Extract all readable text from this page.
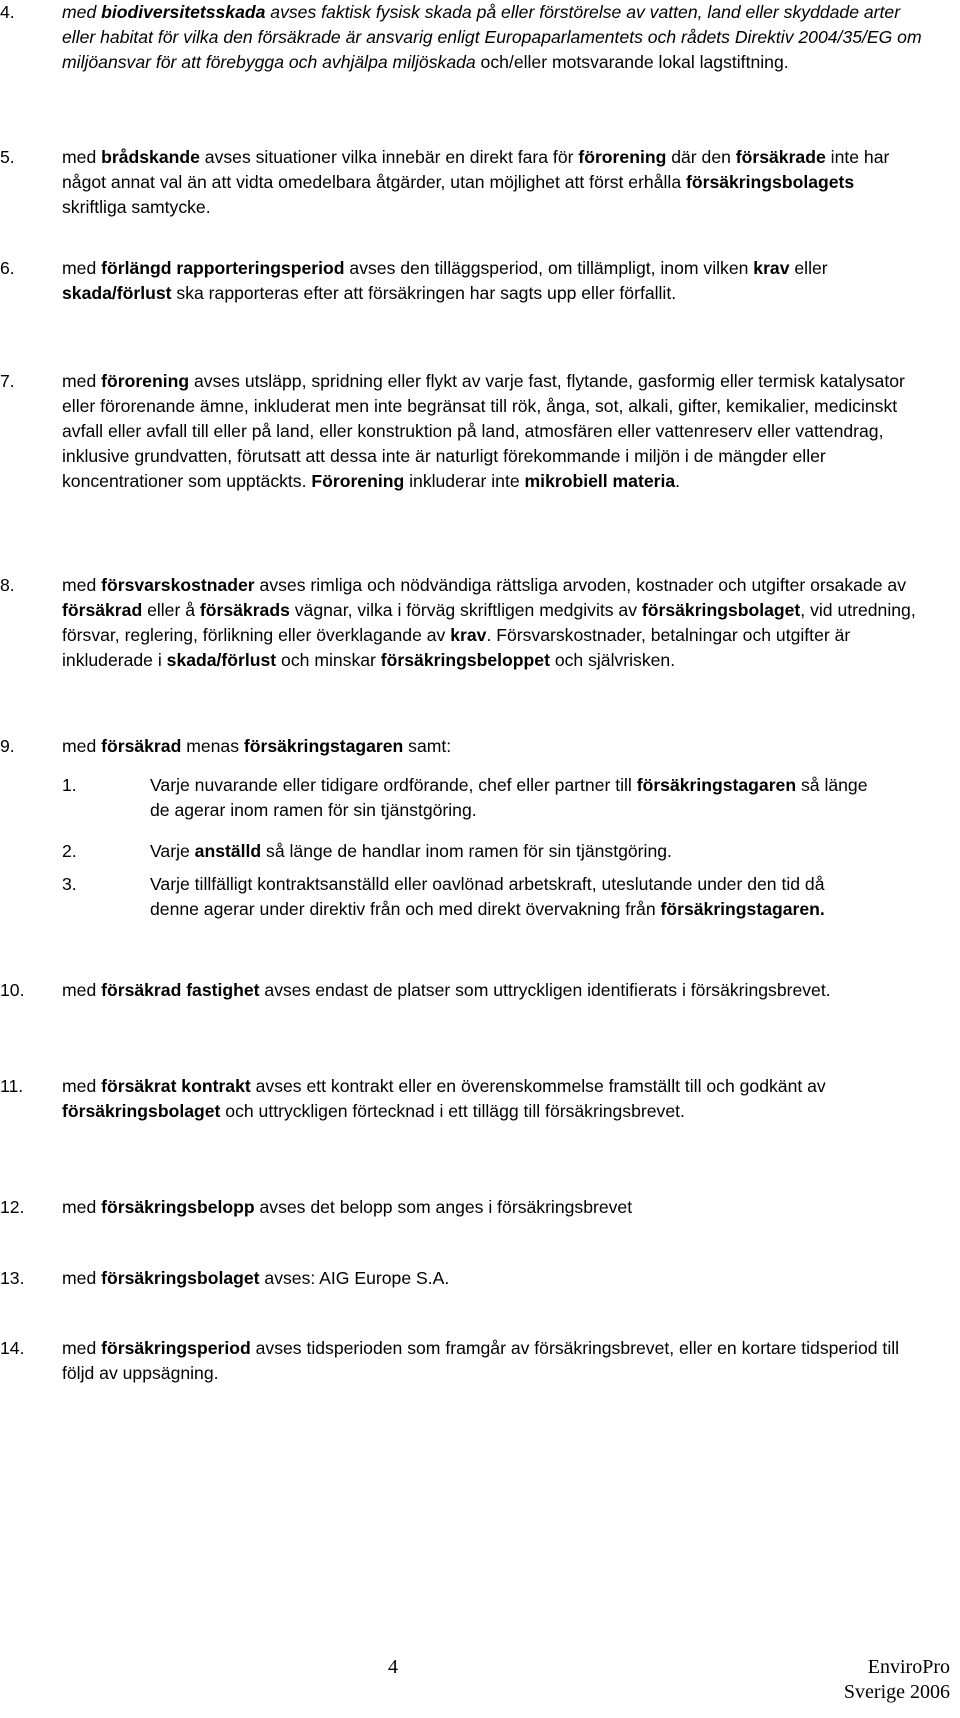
4.	med biodiversitetsskada avses faktisk fysisk skada på eller förstörelse av vatten, land eller skyddade arter eller habitat för vilka den försäkrade är ansvarig enligt Europaparlamentets och rådets Direktiv 2004/35/EG om miljöansvar för att förebygga och avhjälpa miljöskada och/eller motsvarande lokal lagstiftning.
5.	med brådskande avses situationer vilka innebär en direkt fara för förorening där den försäkrade inte har något annat val än att vidta omedelbara åtgärder, utan möjlighet att först erhålla försäkringsbolagets skriftliga samtycke.
6.	med förlängd rapporteringsperiod avses den tilläggsperiod, om tillämpligt, inom vilken krav eller skada/förlust ska rapporteras efter att försäkringen har sagts upp eller förfallit.
7.	med förorening avses utsläpp, spridning eller flykt av varje fast, flytande, gasformig eller termisk katalysator eller förorenande ämne, inkluderat men inte begränsat till rök, ånga, sot, alkali, gifter, kemikalier, medicinskt avfall eller avfall till eller på land, eller konstruktion på land, atmosfären eller vattenreserv eller vattendrag, inklusive grundvatten, förutsatt att dessa inte är naturligt förekommande i miljön i de mängder eller koncentrationer som upptäckts. Förorening inkluderar inte mikrobiell materia.
8.	med försvarskostnader avses rimliga och nödvändiga rättsliga arvoden, kostnader och utgifter orsakade av försäkrad eller å försäkrads vägnar, vilka i förväg skriftligen medgivits av försäkringsbolaget, vid utredning, försvar, reglering, förlikning eller överklagande av krav. Försvarskostnader, betalningar och utgifter är inkluderade i skada/förlust och minskar försäkringsbeloppet och självrisken.
9.	med försäkrad menas försäkringstagaren samt:
1.	Varje nuvarande eller tidigare ordförande, chef eller partner till försäkringstagaren så länge de agerar inom ramen för sin tjänstgöring.
2.	Varje anställd så länge de handlar inom ramen för sin tjänstgöring.
3.	Varje tillfälligt kontraktsanställd eller oavlönad arbetskraft, uteslutande under den tid då denne agerar under direktiv från och med direkt övervakning från försäkringstagaren.
10. med försäkrad fastighet avses endast de platser som uttryckligen identifierats i försäkringsbrevet.
11. med försäkrat kontrakt avses ett kontrakt eller en överenskommelse framställt till och godkänt av försäkringsbolaget och uttryckligen förtecknad i ett tillägg till försäkringsbrevet.
12. med försäkringsbelopp avses det belopp som anges i försäkringsbrevet
13. med försäkringsbolaget avses: AIG Europe S.A.
14. med försäkringsperiod avses tidsperioden som framgår av försäkringsbrevet, eller en kortare tidsperiod till följd av uppsägning.
4	EnviroPro
Sverige 2006
